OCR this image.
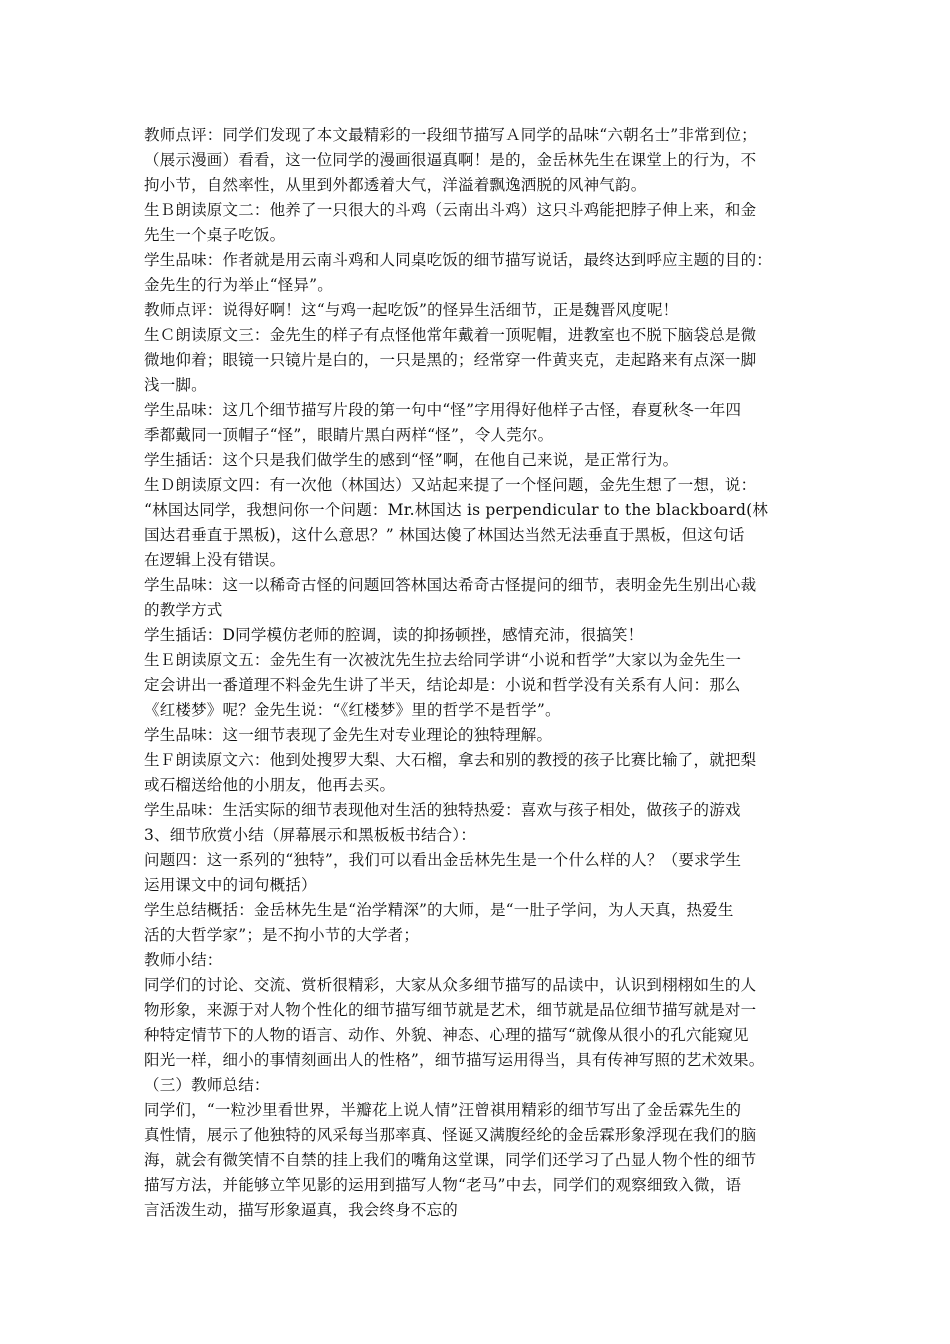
教师点评：同学们发现了本文最精彩的一段细节描写Ａ同学的品味“六朝名士”非常到位；
（展示漫画）看看，这一位同学的漫画很逼真啊！是的，金岳林先生在课堂上的行为，不
拘小节，自然率性，从里到外都透着大气，洋溢着飘逸洒脱的风神气韵。
生Ｂ朗读原文二：他养了一只很大的斗鸡（云南出斗鸡）这只斗鸡能把脖子伸上来，和金
先生一个桌子吃饭。
学生品味：作者就是用云南斗鸡和人同桌吃饭的细节描写说话，最终达到呼应主题的目的：
金先生的行为举止“怪异”。
教师点评：说得好啊！这“与鸡一起吃饭”的怪异生活细节，正是魏晋风度呢！
生Ｃ朗读原文三：金先生的样子有点怪他常年戴着一顶呢帽，进教室也不脱下脑袋总是微
微地仰着；眼镜一只镜片是白的，一只是黑的；经常穿一件黄夹克，走起路来有点深一脚
浅一脚。
学生品味：这几个细节描写片段的第一句中“怪”字用得好他样子古怪，春夏秋冬一年四
季都戴同一顶帽子“怪”，眼睛片黑白两样“怪”，令人莞尔。
学生插话：这个只是我们做学生的感到“怪”啊，在他自己来说，是正常行为。
生Ｄ朗读原文四：有一次他（林国达）又站起来提了一个怪问题，金先生想了一想，说：
“林国达同学，我想问你一个问题：Mr.林国达 is perpendicular to the blackboard(林
国达君垂直于黑板)，这什么意思？” 林国达傻了林国达当然无法垂直于黑板，但这句话
在逻辑上没有错误。
学生品味：这一以稀奇古怪的问题回答林国达希奇古怪提问的细节，表明金先生别出心裁
的教学方式
学生插话：D同学模仿老师的腔调，读的抑扬顿挫，感情充沛，很搞笑！
生Ｅ朗读原文五：金先生有一次被沈先生拉去给同学讲“小说和哲学”大家以为金先生一
定会讲出一番道理不料金先生讲了半天，结论却是：小说和哲学没有关系有人问：那么
《红楼梦》呢？金先生说：“《红楼梦》里的哲学不是哲学”。
学生品味：这一细节表现了金先生对专业理论的独特理解。
生Ｆ朗读原文六：他到处搜罗大梨、大石榴，拿去和别的教授的孩子比赛比输了，就把梨
或石榴送给他的小朋友，他再去买。
学生品味：生活实际的细节表现他对生活的独特热爱：喜欢与孩子相处，做孩子的游戏
3、细节欣赏小结（屏幕展示和黑板板书结合）：
问题四：这一系列的“独特”，我们可以看出金岳林先生是一个什么样的人？（要求学生
运用课文中的词句概括）
学生总结概括：金岳林先生是“治学精深”的大师，是“一肚子学问，为人天真，热爱生
活的大哲学家”；是不拘小节的大学者；
教师小结：
同学们的讨论、交流、赏析很精彩，大家从众多细节描写的品读中，认识到栩栩如生的人
物形象，来源于对人物个性化的细节描写细节就是艺术，细节就是品位细节描写就是对一
种特定情节下的人物的语言、动作、外貌、神态、心理的描写“就像从很小的孔穴能窥见
阳光一样，细小的事情刻画出人的性格”，细节描写运用得当，具有传神写照的艺术效果。
（三）教师总结：
同学们，“一粒沙里看世界，半瓣花上说人情”汪曾祺用精彩的细节写出了金岳霖先生的
真性情，展示了他独特的风采每当那率真、怪诞又满腹经纶的金岳霖形象浮现在我们的脑
海，就会有微笑情不自禁的挂上我们的嘴角这堂课，同学们还学习了凸显人物个性的细节
描写方法，并能够立竿见影的运用到描写人物“老马”中去，同学们的观察细致入微，语
言活泼生动，描写形象逼真，我会终身不忘的
